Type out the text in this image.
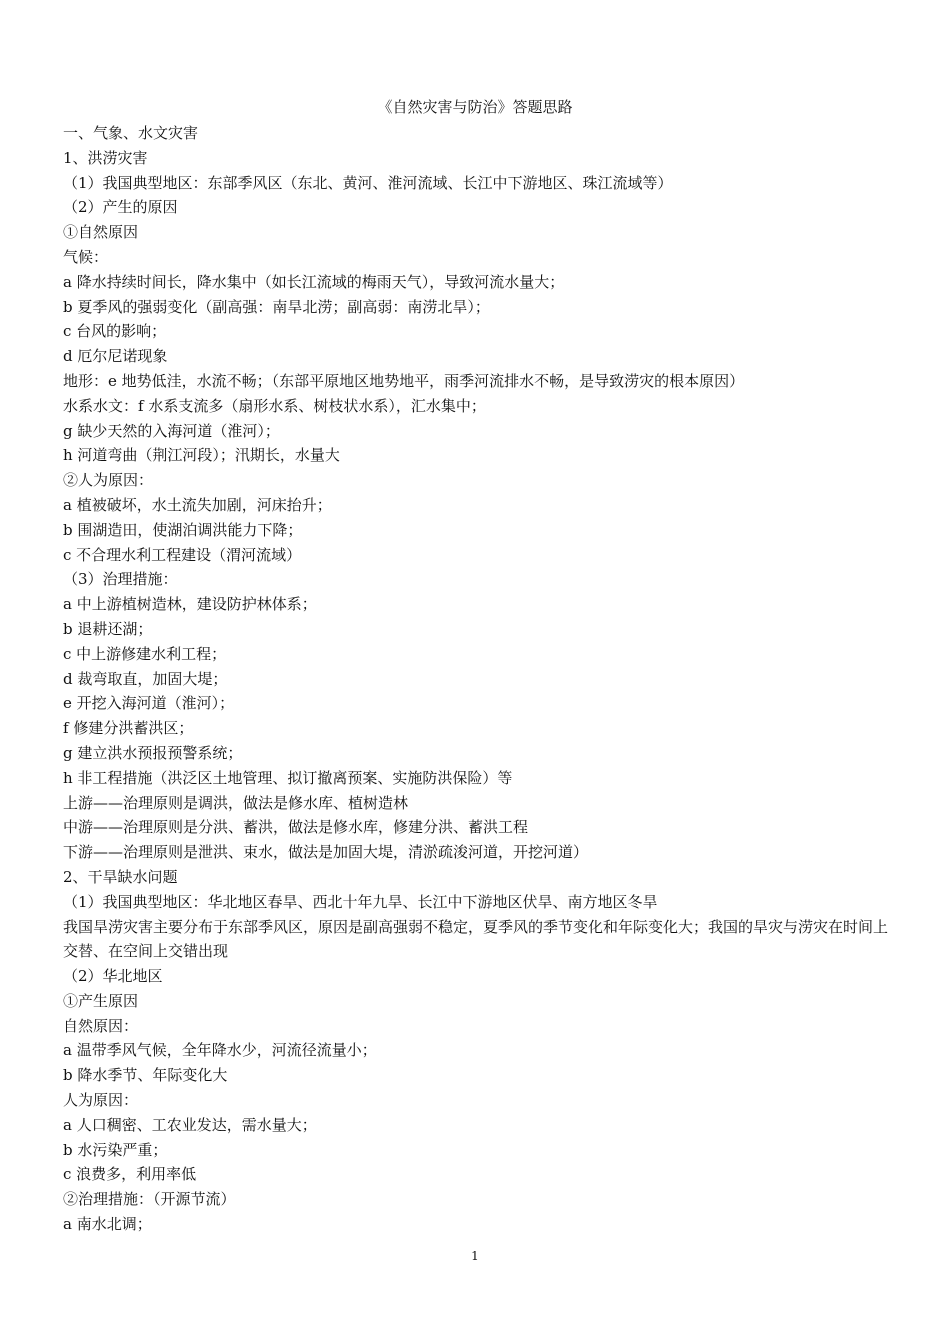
《自然灾害与防治》答题思路
一、气象、水文灾害
1、洪涝灾害
（1）我国典型地区：东部季风区（东北、黄河、淮河流域、长江中下游地区、珠江流域等）
（2）产生的原因
①自然原因
气候：
a 降水持续时间长，降水集中（如长江流域的梅雨天气），导致河流水量大；
b 夏季风的强弱变化（副高强：南旱北涝；副高弱：南涝北旱）；
c 台风的影响；
d 厄尔尼诺现象
地形：e 地势低洼，水流不畅；（东部平原地区地势地平，雨季河流排水不畅，是导致涝灾的根本原因）
水系水文：f 水系支流多（扇形水系、树枝状水系），汇水集中；
g 缺少天然的入海河道（淮河）；
h 河道弯曲（荆江河段）；汛期长，水量大
②人为原因：
a 植被破坏，水土流失加剧，河床抬升；
b 围湖造田，使湖泊调洪能力下降；
c 不合理水利工程建设（渭河流域）
（3）治理措施：
a 中上游植树造林，建设防护林体系；
b 退耕还湖；
c 中上游修建水利工程；
d 裁弯取直，加固大堤；
e 开挖入海河道（淮河）；
f 修建分洪蓄洪区；
g 建立洪水预报预警系统；
h 非工程措施（洪泛区土地管理、拟订撤离预案、实施防洪保险）等
上游——治理原则是调洪，做法是修水库、植树造林
中游——治理原则是分洪、蓄洪，做法是修水库，修建分洪、蓄洪工程
下游——治理原则是泄洪、束水，做法是加固大堤，清淤疏浚河道，开挖河道）
2、干旱缺水问题
（1）我国典型地区：华北地区春旱、西北十年九旱、长江中下游地区伏旱、南方地区冬旱
我国旱涝灾害主要分布于东部季风区，原因是副高强弱不稳定，夏季风的季节变化和年际变化大；我国的旱灾与涝灾在时间上交替、在空间上交错出现
（2）华北地区
①产生原因
自然原因：
a 温带季风气候，全年降水少，河流径流量小；
b 降水季节、年际变化大
人为原因：
a 人口稠密、工农业发达，需水量大；
b 水污染严重；
c 浪费多，利用率低
②治理措施：（开源节流）
a 南水北调；
1
